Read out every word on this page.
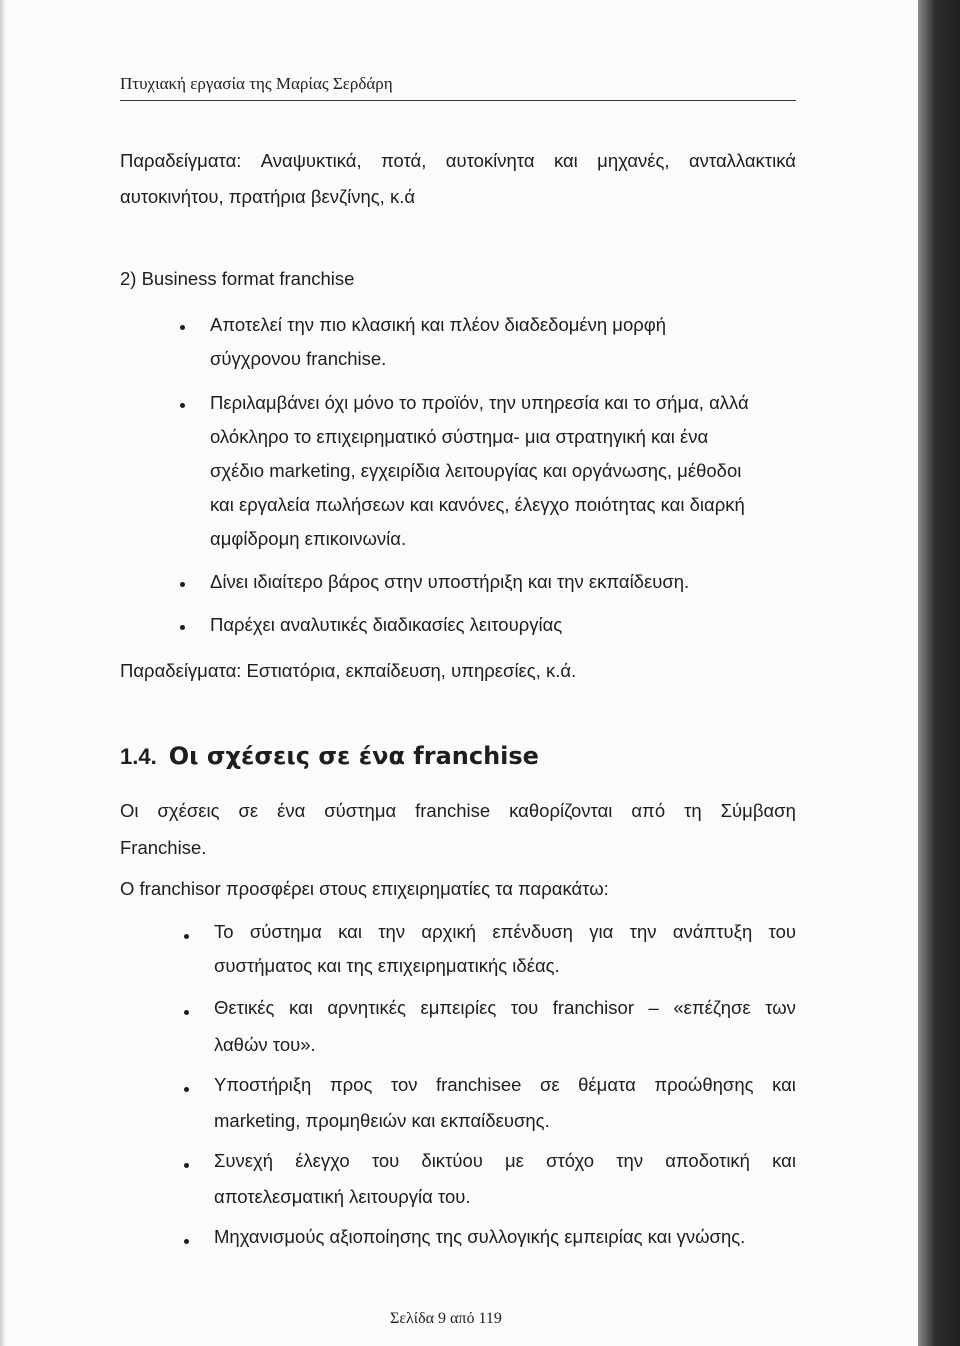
Πτυχιακή εργασία της Μαρίας Σερδάρη
Παραδείγματα: Αναψυκτικά, ποτά, αυτοκίνητα και μηχανές, ανταλλακτικά
αυτοκινήτου, πρατήρια βενζίνης, κ.ά
2) Business format franchise
Αποτελεί την πιο κλασική και πλέον διαδεδομένη μορφή
σύγχρονου franchise.
Περιλαμβάνει όχι μόνο το προϊόν, την υπηρεσία και το σήμα, αλλά
ολόκληρο το επιχειρηματικό σύστημα- μια στρατηγική και ένα
σχέδιο marketing, εγχειρίδια λειτουργίας και οργάνωσης, μέθοδοι
και εργαλεία πωλήσεων και κανόνες, έλεγχο ποιότητας και διαρκή
αμφίδρομη επικοινωνία.
Δίνει ιδιαίτερο βάρος στην υποστήριξη και την εκπαίδευση.
Παρέχει αναλυτικές διαδικασίες λειτουργίας
Παραδείγματα: Εστιατόρια, εκπαίδευση, υπηρεσίες, κ.ά.
1.4. Οι σχέσεις σε ένα franchise
Οι σχέσεις σε ένα σύστημα franchise καθορίζονται από τη Σύμβαση
Franchise.
Ο franchisor προσφέρει στους επιχειρηματίες τα παρακάτω:
Το σύστημα και την αρχική επένδυση για την ανάπτυξη του
συστήματος και της επιχειρηματικής ιδέας.
Θετικές και αρνητικές εμπειρίες του franchisor – «επέζησε των
λαθών του».
Υποστήριξη προς τον franchisee σε θέματα προώθησης και
marketing, προμηθειών και εκπαίδευσης.
Συνεχή έλεγχο του δικτύου με στόχο την αποδοτική και
αποτελεσματική λειτουργία του.
Μηχανισμούς αξιοποίησης της συλλογικής εμπειρίας και γνώσης.
Σελίδα 9 από 119
